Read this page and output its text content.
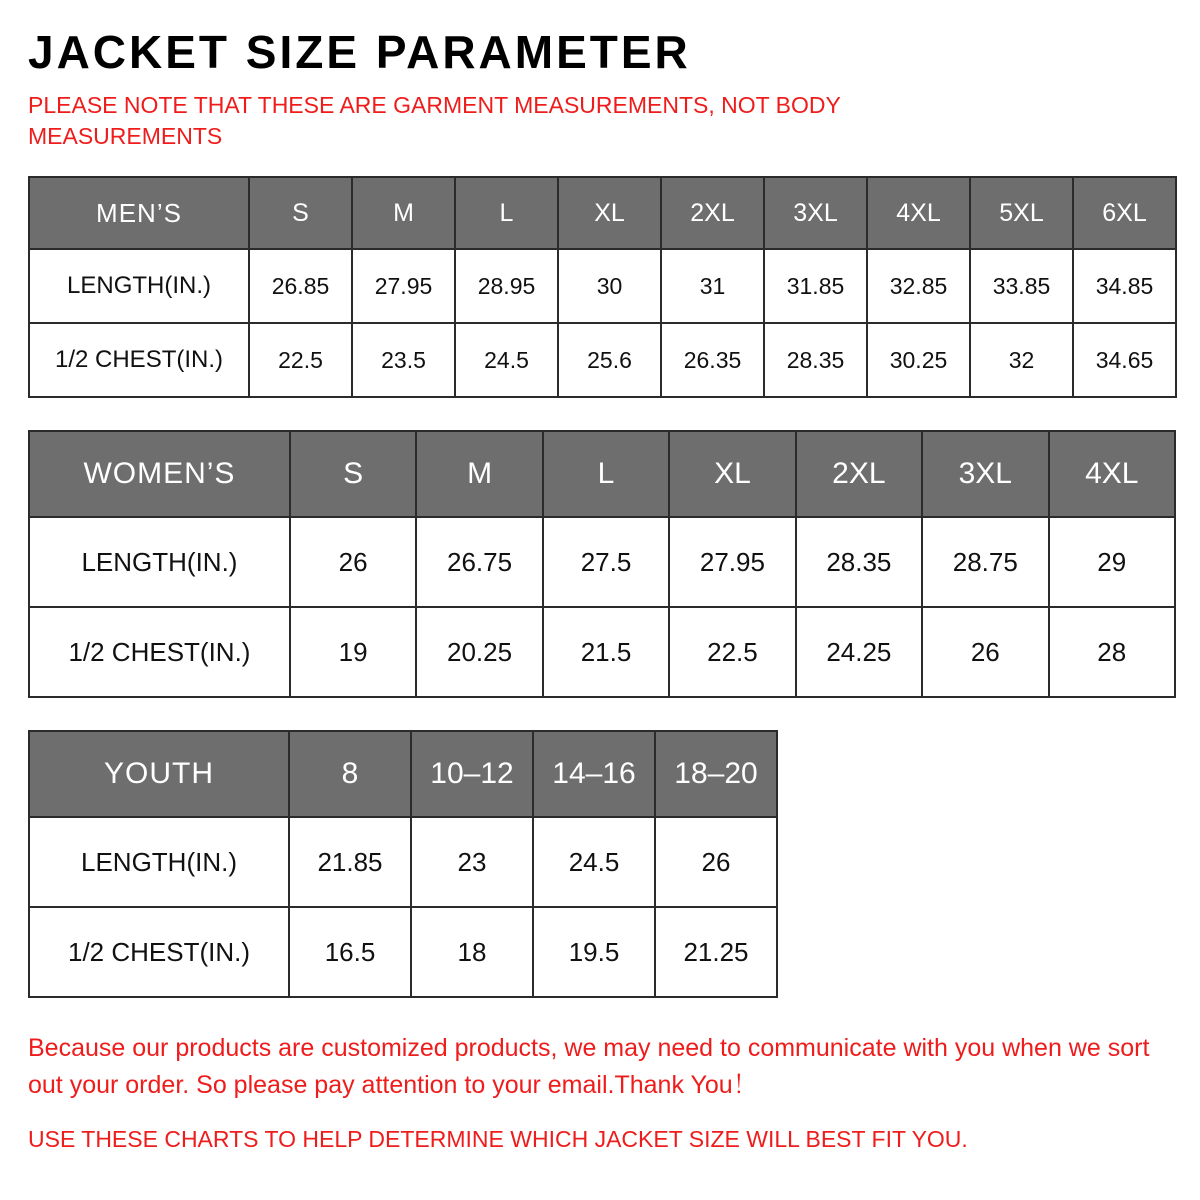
JACKET SIZE PARAMETER

PLEASE NOTE THAT THESE ARE GARMENT MEASUREMENTS, NOT BODY MEASUREMENTS

MEN’S	S	M	L	XL	2XL	3XL	4XL	5XL	6XL
LENGTH(IN.)	26.85	27.95	28.95	30	31	31.85	32.85	33.85	34.85
1/2 CHEST(IN.)	22.5	23.5	24.5	25.6	26.35	28.35	30.25	32	34.65
WOMEN’S	S	M	L	XL	2XL	3XL	4XL
LENGTH(IN.)	26	26.75	27.5	27.95	28.35	28.75	29
1/2 CHEST(IN.)	19	20.25	21.5	22.5	24.25	26	28
YOUTH	8	10–12	14–16	18–20
LENGTH(IN.)	21.85	23	24.5	26
1/2 CHEST(IN.)	16.5	18	19.5	21.25

Because our products are customized products, we may need to communicate with you when we sort out your order. So please pay attention to your email.Thank You！

USE THESE CHARTS TO HELP DETERMINE WHICH JACKET SIZE WILL BEST FIT YOU.
